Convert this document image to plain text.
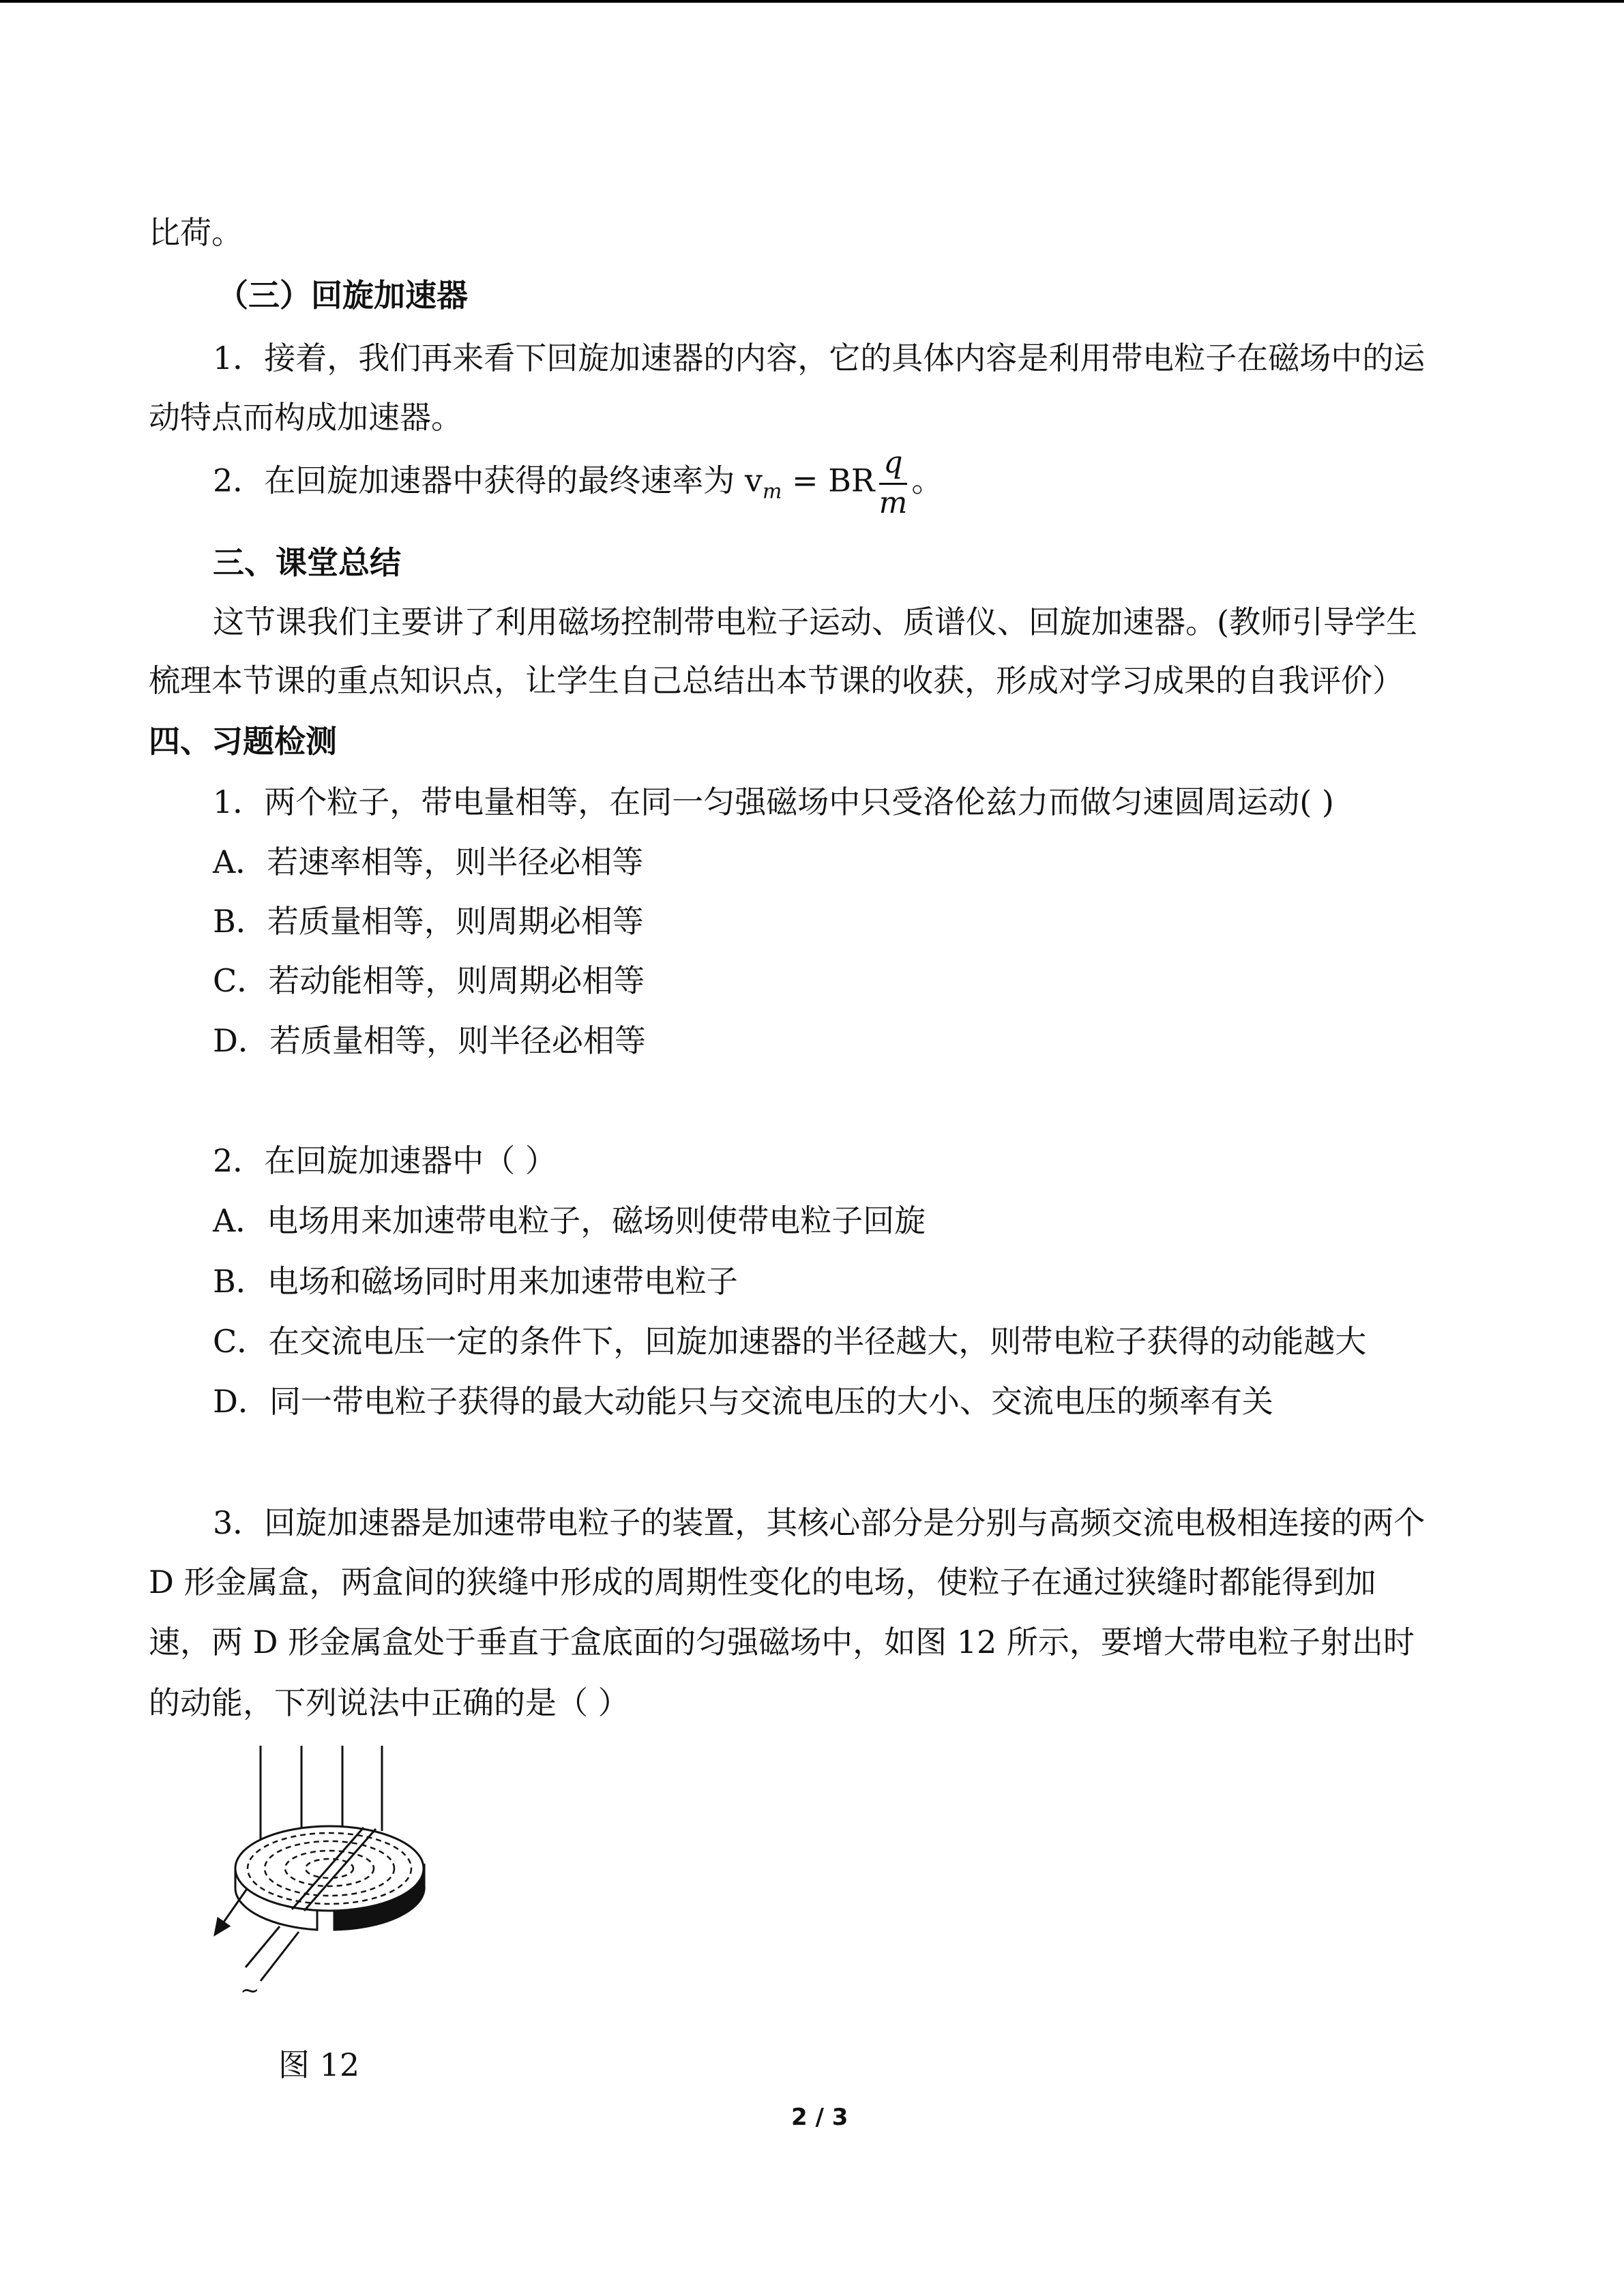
比荷。
（三）回旋加速器
1．接着，我们再来看下回旋加速器的内容，它的具体内容是利用带电粒子在磁场中的运
动特点而构成加速器。
2．在回旋加速器中获得的最终速率为 $v_m$ = BR $\frac{q}{m}$ 。
三、课堂总结
这节课我们主要讲了利用磁场控制带电粒子运动、质谱仪、回旋加速器。(教师引导学生
梳理本节课的重点知识点，让学生自己总结出本节课的收获，形成对学习成果的自我评价）
四、习题检测
1．两个粒子，带电量相等，在同一匀强磁场中只受洛伦兹力而做匀速圆周运动( )
A．若速率相等，则半径必相等
B．若质量相等，则周期必相等
C．若动能相等，则周期必相等
D．若质量相等，则半径必相等
2．在回旋加速器中（ ）
A．电场用来加速带电粒子，磁场则使带电粒子回旋
B．电场和磁场同时用来加速带电粒子
C．在交流电压一定的条件下，回旋加速器的半径越大，则带电粒子获得的动能越大
D．同一带电粒子获得的最大动能只与交流电压的大小、交流电压的频率有关
3．回旋加速器是加速带电粒子的装置，其核心部分是分别与高频交流电极相连接的两个
D 形金属盒，两盒间的狭缝中形成的周期性变化的电场，使粒子在通过狭缝时都能得到加
速，两 D 形金属盒处于垂直于盒底面的匀强磁场中，如图 12 所示，要增大带电粒子射出时
的动能，下列说法中正确的是（ ）
~
图 12
2 / 3
